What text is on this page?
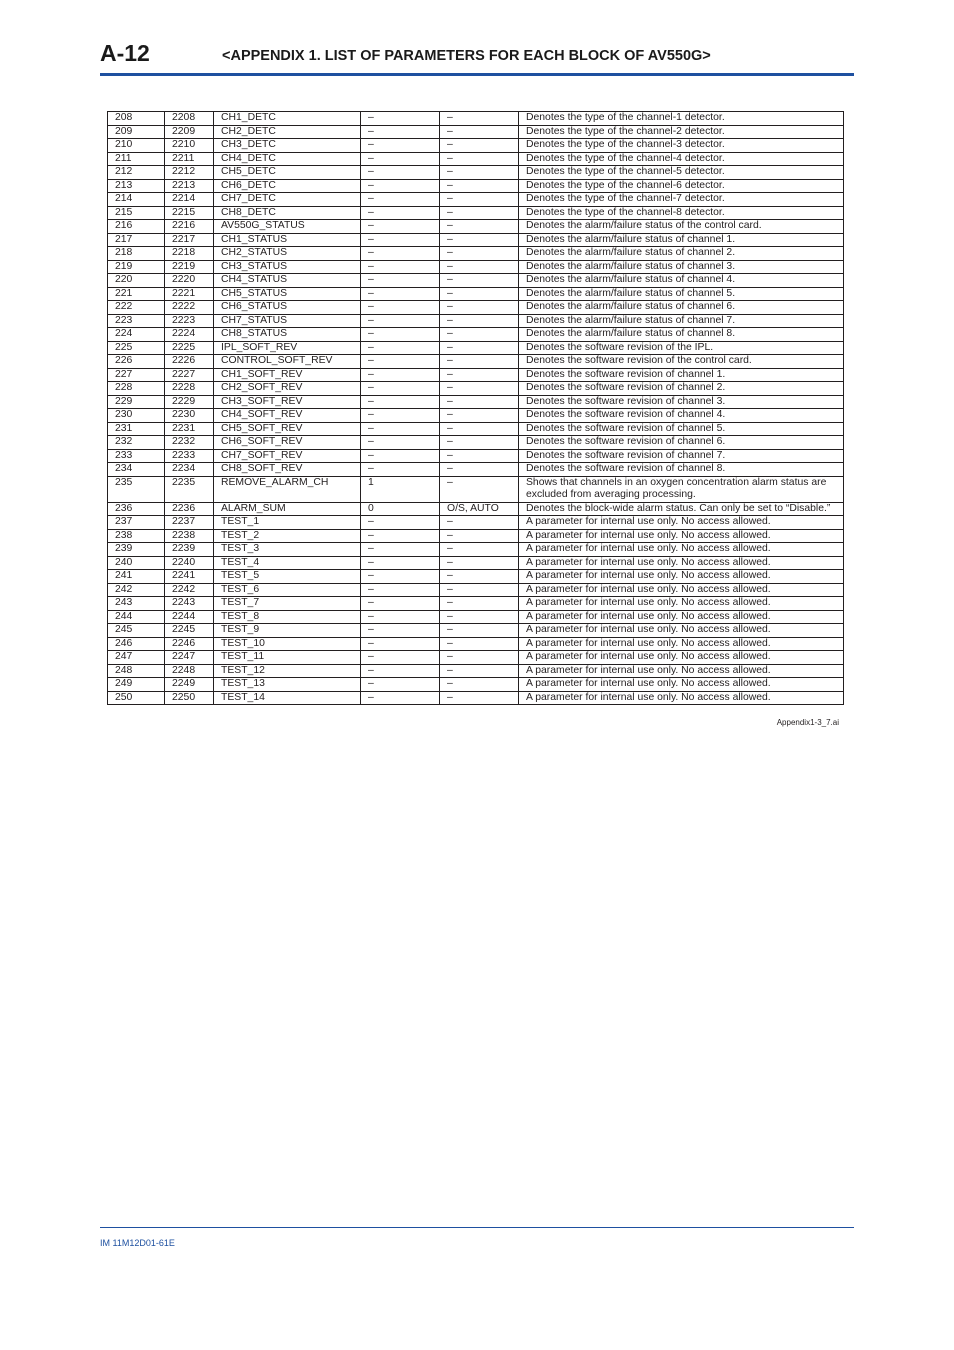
A-12	<APPENDIX 1. LIST OF PARAMETERS FOR EACH BLOCK OF AV550G>
208	2208	CH1_DETC	–	–	Denotes the type of the channel-1 detector.
209	2209	CH2_DETC	–	–	Denotes the type of the channel-2 detector.
210	2210	CH3_DETC	–	–	Denotes the type of the channel-3 detector.
211	2211	CH4_DETC	–	–	Denotes the type of the channel-4 detector.
212	2212	CH5_DETC	–	–	Denotes the type of the channel-5 detector.
213	2213	CH6_DETC	–	–	Denotes the type of the channel-6 detector.
214	2214	CH7_DETC	–	–	Denotes the type of the channel-7 detector.
215	2215	CH8_DETC	–	–	Denotes the type of the channel-8 detector.
216	2216	AV550G_STATUS	–	–	Denotes the alarm/failure status of the control card.
217	2217	CH1_STATUS	–	–	Denotes the alarm/failure status of channel 1.
218	2218	CH2_STATUS	–	–	Denotes the alarm/failure status of channel 2.
219	2219	CH3_STATUS	–	–	Denotes the alarm/failure status of channel 3.
220	2220	CH4_STATUS	–	–	Denotes the alarm/failure status of channel 4.
221	2221	CH5_STATUS	–	–	Denotes the alarm/failure status of channel 5.
222	2222	CH6_STATUS	–	–	Denotes the alarm/failure status of channel 6.
223	2223	CH7_STATUS	–	–	Denotes the alarm/failure status of channel 7.
224	2224	CH8_STATUS	–	–	Denotes the alarm/failure status of channel 8.
225	2225	IPL_SOFT_REV	–	–	Denotes the software revision of the IPL.
226	2226	CONTROL_SOFT_REV	–	–	Denotes the software revision of the control card.
227	2227	CH1_SOFT_REV	–	–	Denotes the software revision of channel 1.
228	2228	CH2_SOFT_REV	–	–	Denotes the software revision of channel 2.
229	2229	CH3_SOFT_REV	–	–	Denotes the software revision of channel 3.
230	2230	CH4_SOFT_REV	–	–	Denotes the software revision of channel 4.
231	2231	CH5_SOFT_REV	–	–	Denotes the software revision of channel 5.
232	2232	CH6_SOFT_REV	–	–	Denotes the software revision of channel 6.
233	2233	CH7_SOFT_REV	–	–	Denotes the software revision of channel 7.
234	2234	CH8_SOFT_REV	–	–	Denotes the software revision of channel 8.
235	2235	REMOVE_ALARM_CH	1	–	Shows that channels in an oxygen concentration alarm status are excluded from averaging processing.
236	2236	ALARM_SUM	0	O/S, AUTO	Denotes the block-wide alarm status. Can only be set to “Disable.”
237	2237	TEST_1	–	–	A parameter for internal use only. No access allowed.
238	2238	TEST_2	–	–	A parameter for internal use only. No access allowed.
239	2239	TEST_3	–	–	A parameter for internal use only. No access allowed.
240	2240	TEST_4	–	–	A parameter for internal use only. No access allowed.
241	2241	TEST_5	–	–	A parameter for internal use only. No access allowed.
242	2242	TEST_6	–	–	A parameter for internal use only. No access allowed.
243	2243	TEST_7	–	–	A parameter for internal use only. No access allowed.
244	2244	TEST_8	–	–	A parameter for internal use only. No access allowed.
245	2245	TEST_9	–	–	A parameter for internal use only. No access allowed.
246	2246	TEST_10	–	–	A parameter for internal use only. No access allowed.
247	2247	TEST_11	–	–	A parameter for internal use only. No access allowed.
248	2248	TEST_12	–	–	A parameter for internal use only. No access allowed.
249	2249	TEST_13	–	–	A parameter for internal use only. No access allowed.
250	2250	TEST_14	–	–	A parameter for internal use only. No access allowed.
Appendix1-3_7.ai
IM 11M12D01-61E
